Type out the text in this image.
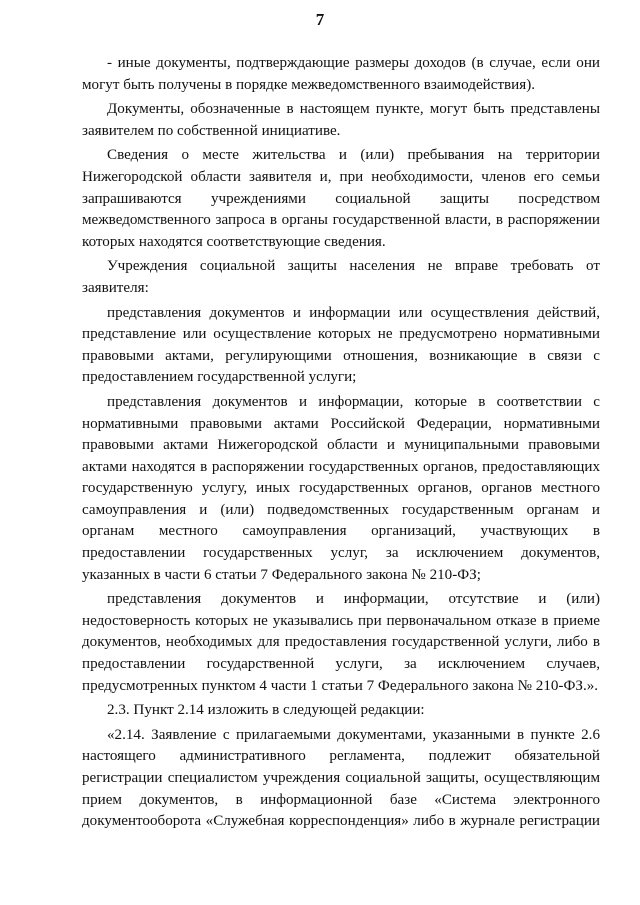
7

- иные документы, подтверждающие размеры доходов (в случае, если они могут быть получены в порядке межведомственного взаимодействия).

Документы, обозначенные в настоящем пункте, могут быть представлены заявителем по собственной инициативе.

Сведения о месте жительства и (или) пребывания на территории Нижегородской области заявителя и, при необходимости, членов его семьи запрашиваются учреждениями социальной защиты посредством межведомственного запроса в органы государственной власти, в распоряжении которых находятся соответствующие сведения.

Учреждения социальной защиты населения не вправе требовать от заявителя:

представления документов и информации или осуществления действий, представление или осуществление которых не предусмотрено нормативными правовыми актами, регулирующими отношения, возникающие в связи с предоставлением государственной услуги;

представления документов и информации, которые в соответствии с нормативными правовыми актами Российской Федерации, нормативными правовыми актами Нижегородской области и муниципальными правовыми актами находятся в распоряжении государственных органов, предоставляющих государственную услугу, иных государственных органов, органов местного самоуправления и (или) подведомственных государственным органам и органам местного самоуправления организаций, участвующих в предоставлении государственных услуг, за исключением документов, указанных в части 6 статьи 7 Федерального закона № 210-ФЗ;

представления документов и информации, отсутствие и (или) недостоверность которых не указывались при первоначальном отказе в приеме документов, необходимых для предоставления государственной услуги, либо в предоставлении государственной услуги, за исключением случаев, предусмотренных пунктом 4 части 1 статьи 7 Федерального закона № 210-ФЗ.».

2.3. Пункт 2.14 изложить в следующей редакции:

«2.14. Заявление с прилагаемыми документами, указанными в пункте 2.6 настоящего административного регламента, подлежит обязательной регистрации специалистом учреждения социальной защиты, осуществляющим прием документов, в информационной базе «Система электронного документооборота «Служебная корреспонденция» либо в журнале регистрации
